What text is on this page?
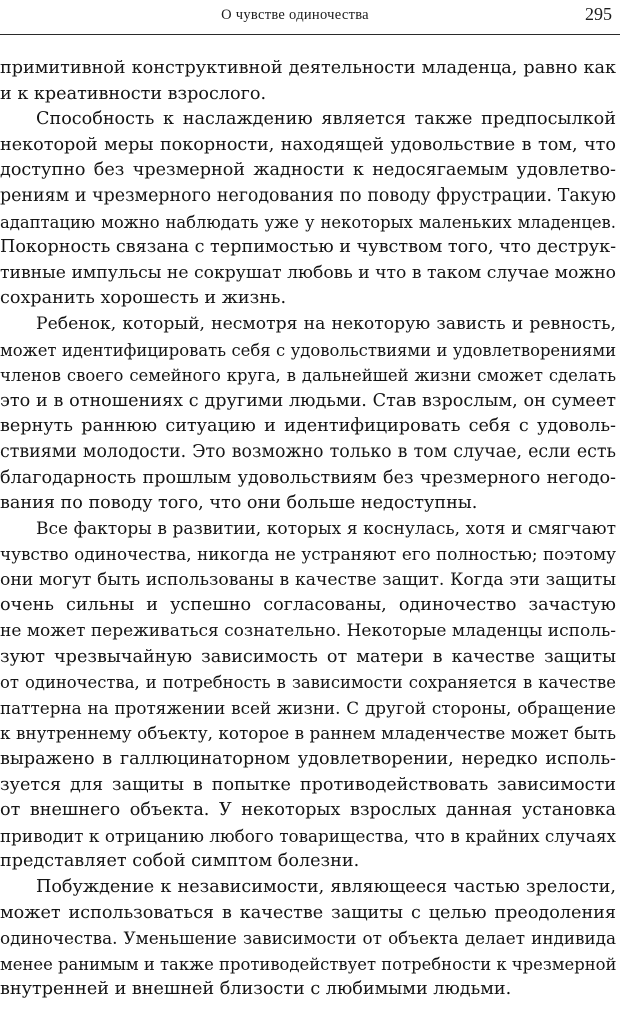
О чувстве одиночества	295

примитивной конструктивной деятельности младенца, равно как
и к креативности взрослого.

Способность к наслаждению является также предпосылкой
некоторой меры покорности, находящей удовольствие в том, что
доступно без чрезмерной жадности к недосягаемым удовлетво-
рениям и чрезмерного негодования по поводу фрустрации. Такую
адаптацию можно наблюдать уже у некоторых маленьких младенцев.
Покорность связана с терпимостью и чувством того, что деструк-
тивные импульсы не сокрушат любовь и что в таком случае можно
сохранить хорошесть и жизнь.

Ребенок, который, несмотря на некоторую зависть и ревность,
может идентифицировать себя с удовольствиями и удовлетворениями
членов своего семейного круга, в дальнейшей жизни сможет сделать
это и в отношениях с другими людьми. Став взрослым, он сумеет
вернуть раннюю ситуацию и идентифицировать себя с удоволь-
ствиями молодости. Это возможно только в том случае, если есть
благодарность прошлым удовольствиям без чрезмерного негодо-
вания по поводу того, что они больше недоступны.

Все факторы в развитии, которых я коснулась, хотя и смягчают
чувство одиночества, никогда не устраняют его полностью; поэтому
они могут быть использованы в качестве защит. Когда эти защиты
очень сильны и успешно согласованы, одиночество зачастую
не может переживаться сознательно. Некоторые младенцы исполь-
зуют чрезвычайную зависимость от матери в качестве защиты
от одиночества, и потребность в зависимости сохраняется в качестве
паттерна на протяжении всей жизни. С другой стороны, обращение
к внутреннему объекту, которое в раннем младенчестве может быть
выражено в галлюцинаторном удовлетворении, нередко исполь-
зуется для защиты в попытке противодействовать зависимости
от внешнего объекта. У некоторых взрослых данная установка
приводит к отрицанию любого товарищества, что в крайних случаях
представляет собой симптом болезни.

Побуждение к независимости, являющееся частью зрелости,
может использоваться в качестве защиты с целью преодоления
одиночества. Уменьшение зависимости от объекта делает индивида
менее ранимым и также противодействует потребности к чрезмерной
внутренней и внешней близости с любимыми людьми.
